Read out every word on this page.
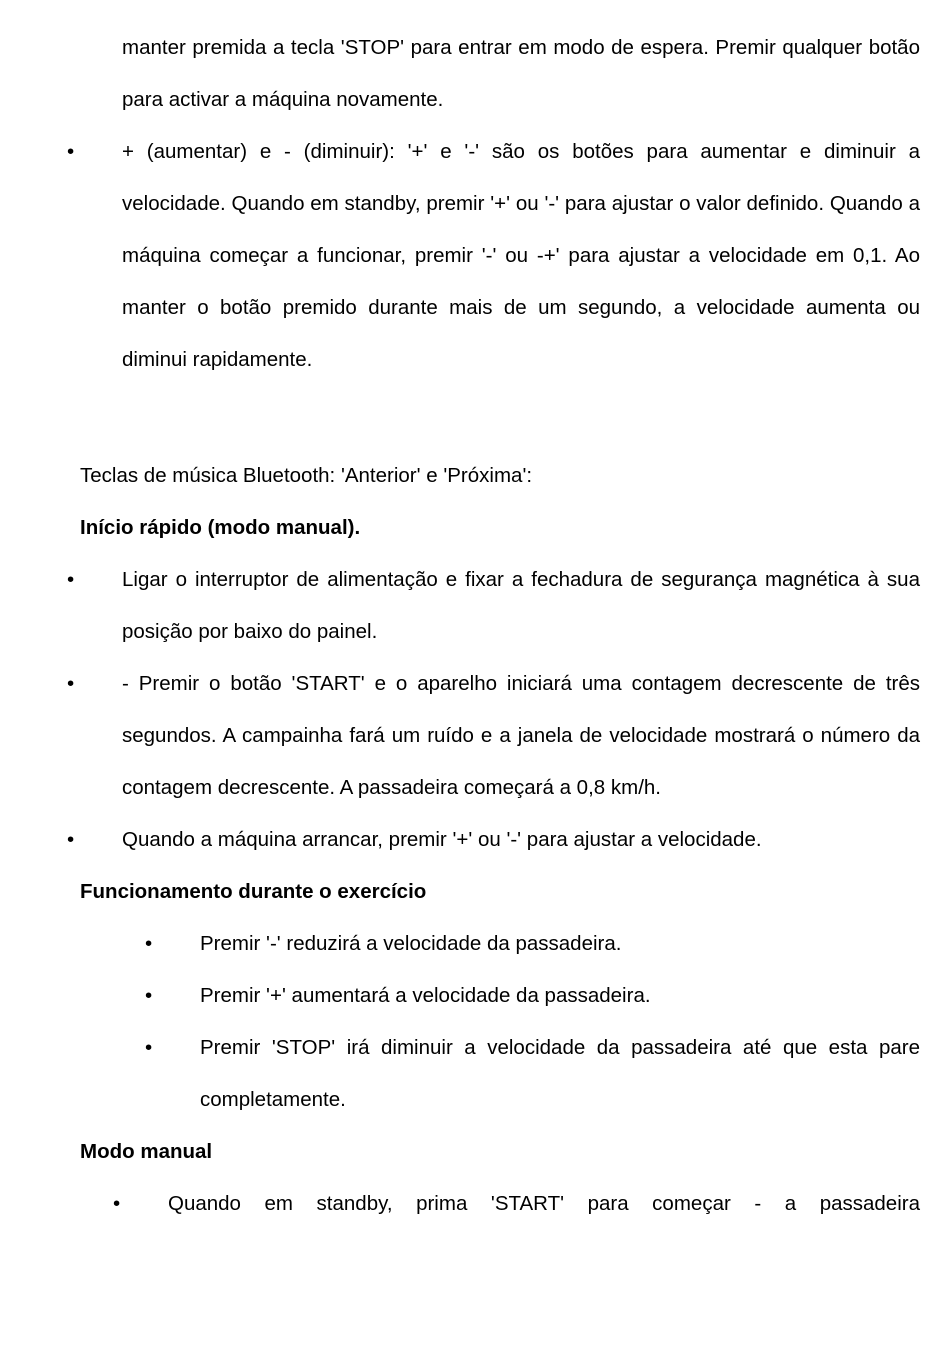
manter premida a tecla 'STOP' para entrar em modo de espera. Premir qualquer botão para activar a máquina novamente.
• + (aumentar) e - (diminuir): '+' e '-' são os botões para aumentar e diminuir a velocidade. Quando em standby, premir '+' ou '-' para ajustar o valor definido. Quando a máquina começar a funcionar, premir '-' ou -+' para ajustar a velocidade em 0,1. Ao manter o botão premido durante mais de um segundo, a velocidade aumenta ou diminui rapidamente.
Teclas de música Bluetooth: 'Anterior' e 'Próxima':
Início rápido (modo manual).
• Ligar o interruptor de alimentação e fixar a fechadura de segurança magnética à sua posição por baixo do painel.
• - Premir o botão 'START' e o aparelho iniciará uma contagem decrescente de três segundos. A campainha fará um ruído e a janela de velocidade mostrará o número da contagem decrescente. A passadeira começará a 0,8 km/h.
• Quando a máquina arrancar, premir '+' ou '-' para ajustar a velocidade.
Funcionamento durante o exercício
• Premir '-' reduzirá a velocidade da passadeira.
• Premir '+' aumentará a velocidade da passadeira.
• Premir 'STOP' irá diminuir a velocidade da passadeira até que esta pare completamente.
Modo manual
• Quando em standby, prima 'START' para começar - a passadeira
